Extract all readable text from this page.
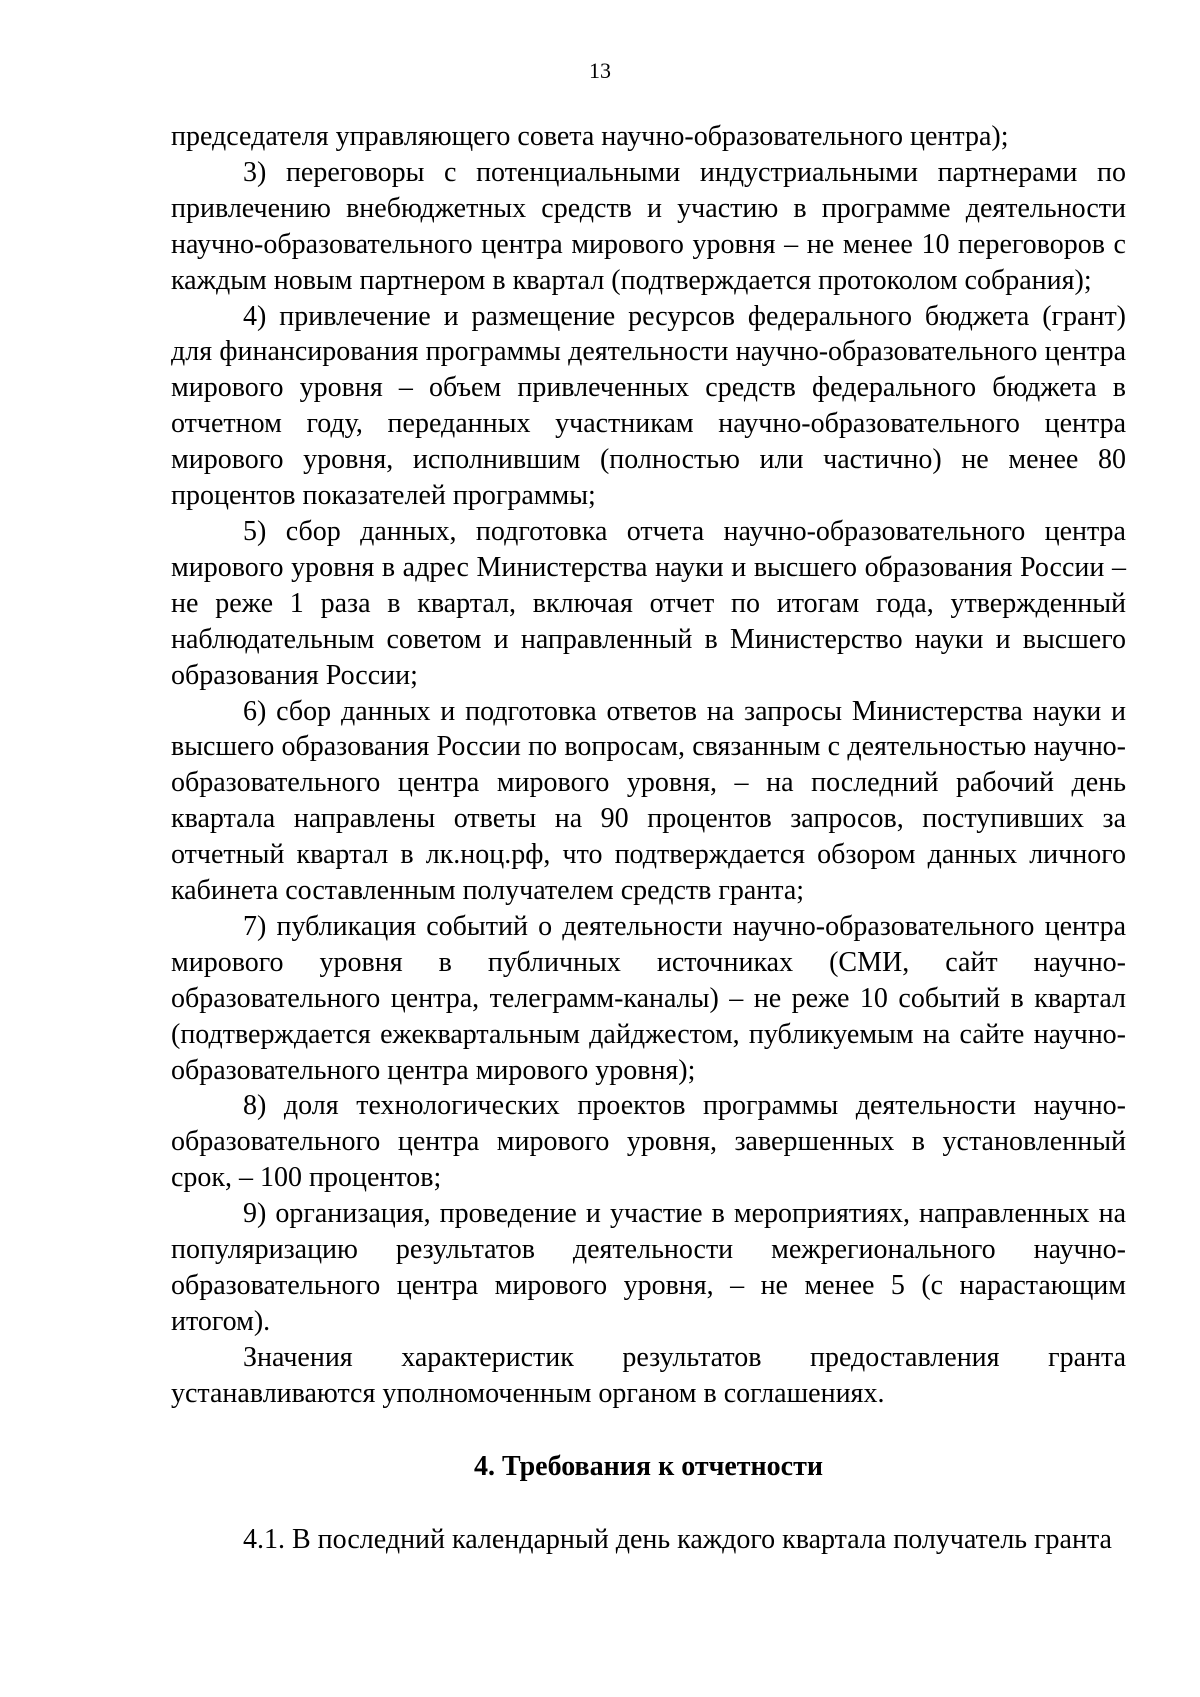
13

председателя управляющего совета научно-образовательного центра);

3) переговоры с потенциальными индустриальными партнерами по привлечению внебюджетных средств и участию в программе деятельности научно-образовательного центра мирового уровня – не менее 10 переговоров с каждым новым партнером в квартал (подтверждается протоколом собрания);

4) привлечение и размещение ресурсов федерального бюджета (грант) для финансирования программы деятельности научно-образовательного центра мирового уровня – объем привлеченных средств федерального бюджета в отчетном году, переданных участникам научно-образовательного центра мирового уровня, исполнившим (полностью или частично) не менее 80 процентов показателей программы;

5) сбор данных, подготовка отчета научно-образовательного центра мирового уровня в адрес Министерства науки и высшего образования России – не реже 1 раза в квартал, включая отчет по итогам года, утвержденный наблюдательным советом и направленный в Министерство науки и высшего образования России;

6) сбор данных и подготовка ответов на запросы Министерства науки и высшего образования России по вопросам, связанным с деятельностью научно-образовательного центра мирового уровня, – на последний рабочий день квартала направлены ответы на 90 процентов запросов, поступивших за отчетный квартал в лк.ноц.рф, что подтверждается обзором данных личного кабинета составленным получателем средств гранта;

7) публикация событий о деятельности научно-образовательного центра мирового уровня в публичных источниках (СМИ, сайт научно-образовательного центра, телеграмм-каналы) – не реже 10 событий в квартал (подтверждается ежеквартальным дайджестом, публикуемым на сайте научно-образовательного центра мирового уровня);

8) доля технологических проектов программы деятельности научно-образовательного центра мирового уровня, завершенных в установленный срок, – 100 процентов;

9) организация, проведение и участие в мероприятиях, направленных на популяризацию результатов деятельности межрегионального научно-образовательного центра мирового уровня, – не менее 5 (с нарастающим итогом).

Значения характеристик результатов предоставления гранта устанавливаются уполномоченным органом в соглашениях.

4. Требования к отчетности

4.1. В последний календарный день каждого квартала получатель гранта
